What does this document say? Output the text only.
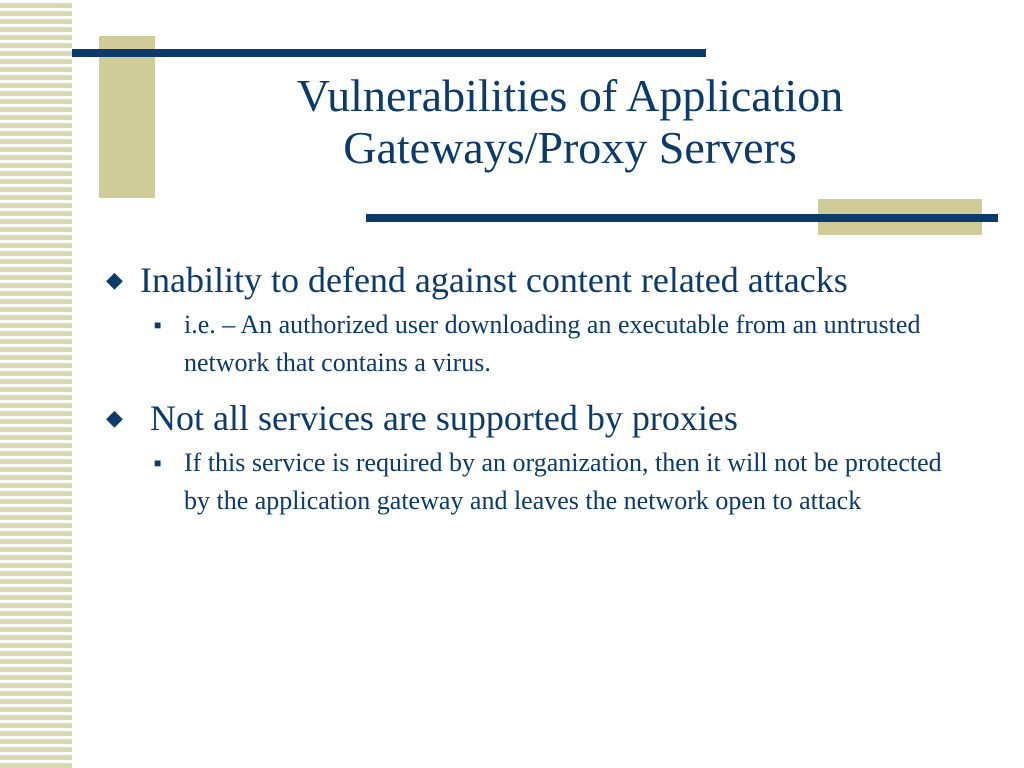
Vulnerabilities of Application
Gateways/Proxy Servers
◆ Inability to defend against content related attacks
■ i.e. – An authorized user downloading an executable from an untrusted network that contains a virus.
◆ Not all services are supported by proxies
■ If this service is required by an organization, then it will not be protected by the application gateway and leaves the network open to attack
